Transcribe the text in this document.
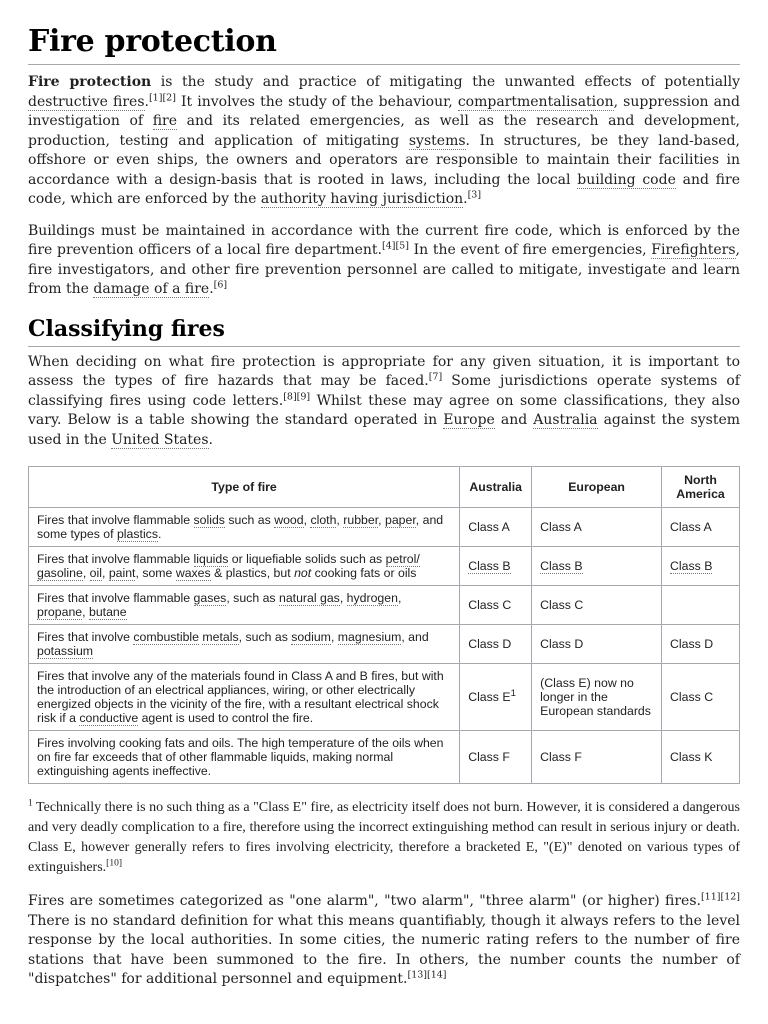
Fire protection

Fire protection is the study and practice of mitigating the unwanted effects of potentially destructive fires.[1][2] It involves the study of the behaviour, compartmentalisation, suppression and investigation of fire and its related emergencies, as well as the research and development, production, testing and application of mitigating systems. In structures, be they land-based, offshore or even ships, the owners and operators are responsible to maintain their facilities in accordance with a design-basis that is rooted in laws, including the local building code and fire code, which are enforced by the authority having jurisdiction.[3]

Buildings must be maintained in accordance with the current fire code, which is enforced by the fire prevention officers of a local fire department.[4][5] In the event of fire emergencies, Firefighters, fire investigators, and other fire prevention personnel are called to mitigate, investigate and learn from the damage of a fire.[6]

Classifying fires

When deciding on what fire protection is appropriate for any given situation, it is important to assess the types of fire hazards that may be faced.[7] Some jurisdictions operate systems of classifying fires using code letters.[8][9] Whilst these may agree on some classifications, they also vary. Below is a table showing the standard operated in Europe and Australia against the system used in the United States.

Type of fire	Australia	European	North America
Fires that involve flammable solids such as wood, cloth, rubber, paper, and some types of plastics.	Class A	Class A	Class A
Fires that involve flammable liquids or liquefiable solids such as petrol/ gasoline, oil, paint, some waxes & plastics, but not cooking fats or oils	Class B	Class B	Class B
Fires that involve flammable gases, such as natural gas, hydrogen, propane, butane	Class C	Class C	
Fires that involve combustible metals, such as sodium, magnesium, and potassium	Class D	Class D	Class D
Fires that involve any of the materials found in Class A and B fires, but with the introduction of an electrical appliances, wiring, or other electrically energized objects in the vicinity of the fire, with a resultant electrical shock risk if a conductive agent is used to control the fire.	Class $E^1$	(Class E) now no longer in the European standards	Class C
Fires involving cooking fats and oils. The high temperature of the oils when on fire far exceeds that of other flammable liquids, making normal extinguishing agents ineffective.	Class F	Class F	Class K
$^1$ Technically there is no such thing as a "Class E" fire, as electricity itself does not burn. However, it is considered a dangerous and very deadly complication to a fire, therefore using the incorrect extinguishing method can result in serious injury or death. Class E, however generally refers to fires involving electricity, therefore a bracketed E, "(E)" denoted on various types of extinguishers.[10]

Fires are sometimes categorized as "one alarm", "two alarm", "three alarm" (or higher) fires.[11][12] There is no standard definition for what this means quantifiably, though it always refers to the level response by the local authorities. In some cities, the numeric rating refers to the number of fire stations that have been summoned to the fire. In others, the number counts the number of "dispatches" for additional personnel and equipment.[13][14]
